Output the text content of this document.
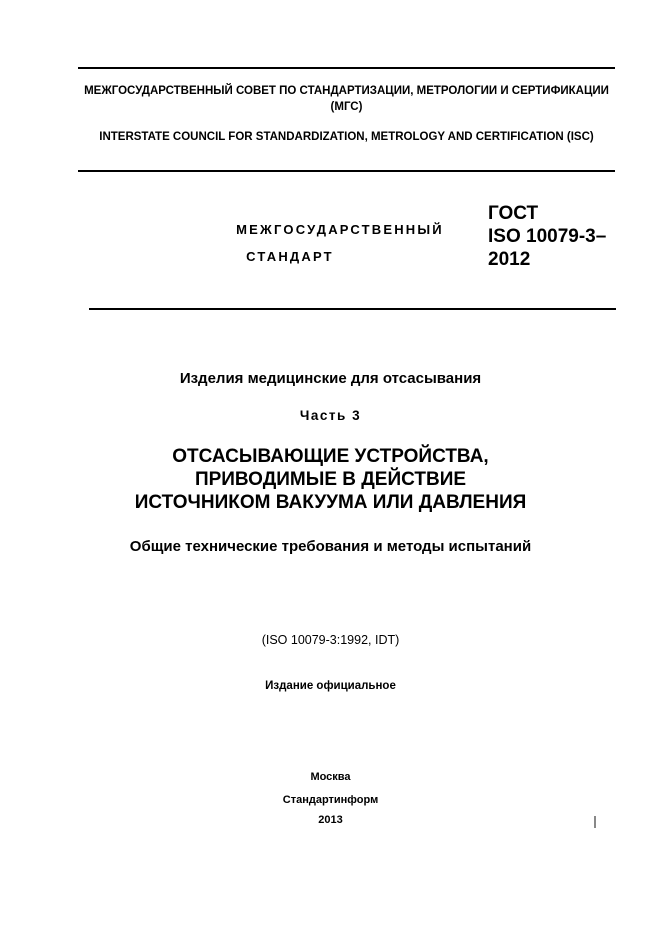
МЕЖГОСУДАРСТВЕННЫЙ СОВЕТ ПО СТАНДАРТИЗАЦИИ, МЕТРОЛОГИИ И СЕРТИФИКАЦИИ (МГС)
INTERSTATE COUNCIL FOR STANDARDIZATION, METROLOGY AND CERTIFICATION (ISC)
МЕЖГОСУДАРСТВЕННЫЙ
СТАНДАРТ
ГОСТ
ISO 10079-3–
2012
Изделия медицинские для отсасывания
Часть 3
ОТСАСЫВАЮЩИЕ УСТРОЙСТВА,
ПРИВОДИМЫЕ В ДЕЙСТВИЕ
ИСТОЧНИКОМ ВАКУУМА ИЛИ ДАВЛЕНИЯ
Общие технические требования и методы испытаний
(ISO 10079-3:1992, IDT)
Издание официальное
Москва
Стандартинформ
2013
